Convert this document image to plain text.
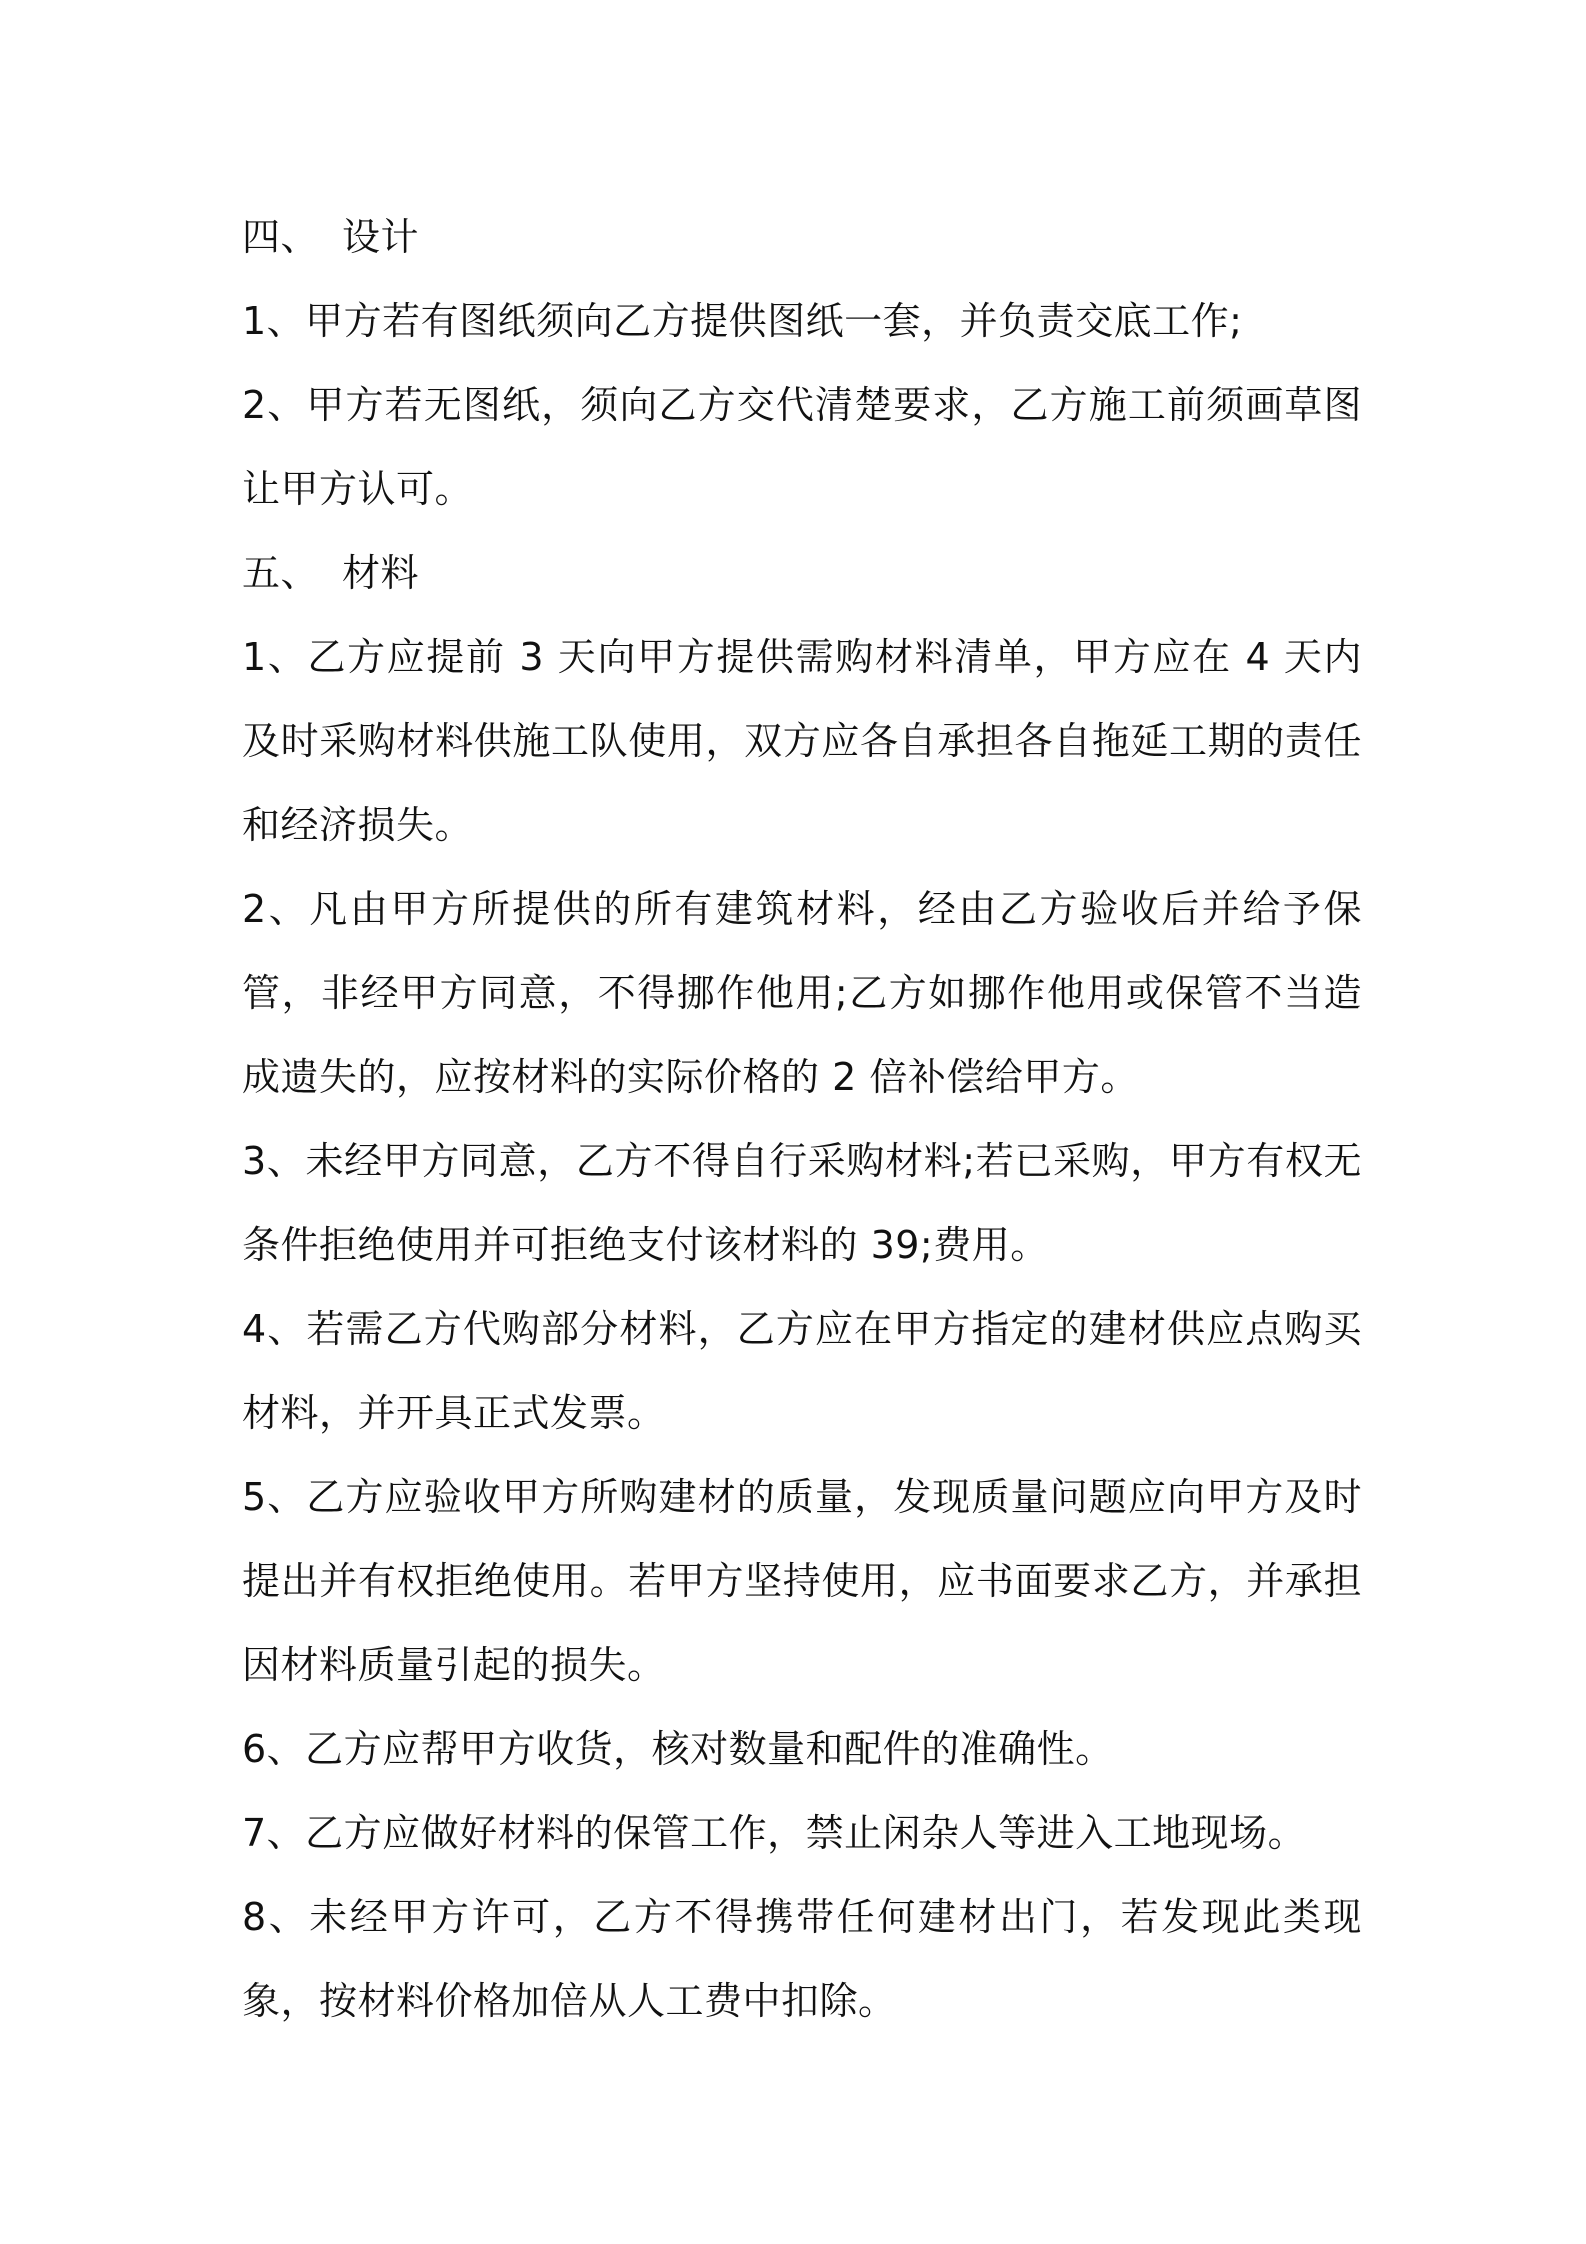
四、 设计

1、甲方若有图纸须向乙方提供图纸一套，并负责交底工作;

2、甲方若无图纸，须向乙方交代清楚要求，乙方施工前须画草图让甲方认可。

五、 材料

1、乙方应提前 3 天向甲方提供需购材料清单，甲方应在 4 天内及时采购材料供施工队使用，双方应各自承担各自拖延工期的责任和经济损失。

2、凡由甲方所提供的所有建筑材料，经由乙方验收后并给予保管，非经甲方同意，不得挪作他用;乙方如挪作他用或保管不当造成遗失的，应按材料的实际价格的 2 倍补偿给甲方。

3、未经甲方同意，乙方不得自行采购材料;若已采购，甲方有权无条件拒绝使用并可拒绝支付该材料的 39;费用。

4、若需乙方代购部分材料，乙方应在甲方指定的建材供应点购买材料，并开具正式发票。

5、乙方应验收甲方所购建材的质量，发现质量问题应向甲方及时提出并有权拒绝使用。若甲方坚持使用，应书面要求乙方，并承担因材料质量引起的损失。

6、乙方应帮甲方收货，核对数量和配件的准确性。

7、乙方应做好材料的保管工作，禁止闲杂人等进入工地现场。

8、未经甲方许可，乙方不得携带任何建材出门，若发现此类现象，按材料价格加倍从人工费中扣除。
